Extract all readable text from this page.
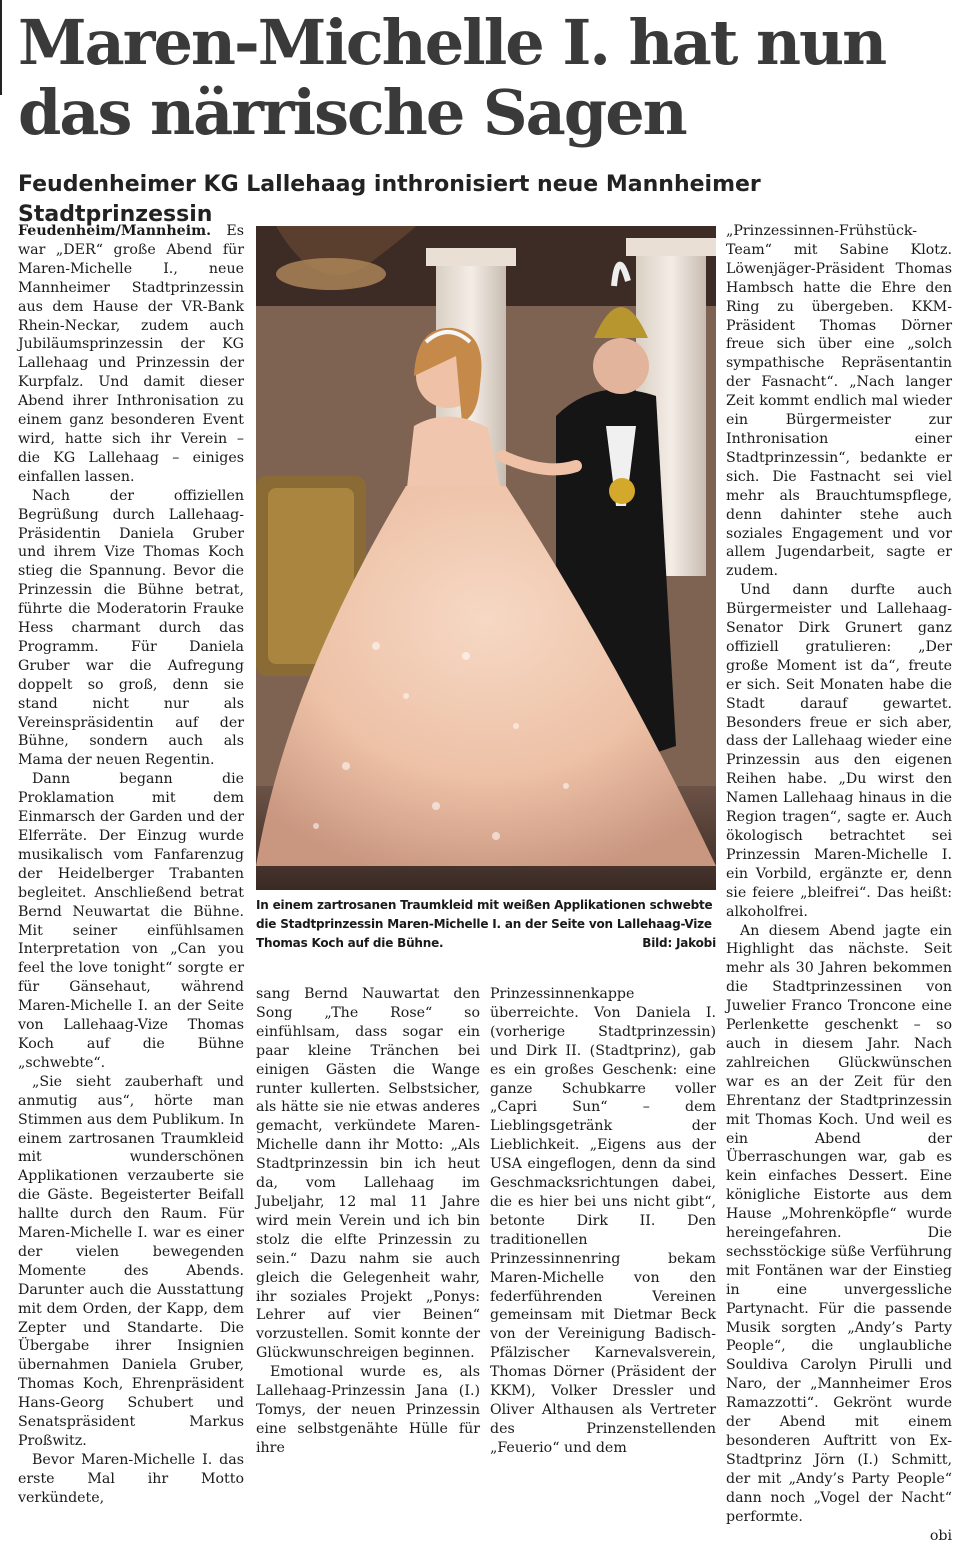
Maren-Michelle I. hat nun das närrische Sagen
Feudenheimer KG Lallehaag inthronisiert neue Mannheimer Stadtprinzessin

Feudenheim/Mannheim. Es war „DER“ große Abend für Maren-Michelle I., neue Mannheimer Stadtprinzessin aus dem Hause der VR-Bank Rhein-Neckar, zudem auch Jubiläumsprinzessin der KG Lallehaag und Prinzessin der Kurpfalz. Und damit dieser Abend ihrer Inthronisation zu einem ganz besonderen Event wird, hatte sich ihr Verein – die KG Lallehaag – einiges einfallen lassen.

Nach der offiziellen Begrüßung durch Lallehaag-Präsidentin Daniela Gruber und ihrem Vize Thomas Koch stieg die Spannung. Bevor die Prinzessin die Bühne betrat, führte die Moderatorin Frauke Hess charmant durch das Programm. Für Daniela Gruber war die Aufregung doppelt so groß, denn sie stand nicht nur als Vereinspräsidentin auf der Bühne, sondern auch als Mama der neuen Regentin.

Dann begann die Proklamation mit dem Einmarsch der Garden und der Elferräte. Der Einzug wurde musikalisch vom Fanfarenzug der Heidelberger Trabanten begleitet. Anschließend betrat Bernd Neuwartat die Bühne. Mit seiner einfühlsamen Interpretation von „Can you feel the love tonight“ sorgte er für Gänsehaut, während Maren-Michelle I. an der Seite von Lallehaag-Vize Thomas Koch auf die Bühne „schwebte“.

„Sie sieht zauberhaft und anmutig aus“, hörte man Stimmen aus dem Publikum. In einem zartrosanen Traumkleid mit wunderschönen Applikationen verzauberte sie die Gäste. Begeisterter Beifall hallte durch den Raum. Für Maren-Michelle I. war es einer der vielen bewegenden Momente des Abends. Darunter auch die Ausstattung mit dem Orden, der Kapp, dem Zepter und Standarte. Die Übergabe ihrer Insignien übernahmen Daniela Gruber, Thomas Koch, Ehrenpräsident Hans-Georg Schubert und Senatspräsident Markus Proßwitz.

Bevor Maren-Michelle I. das erste Mal ihr Motto verkündete,

In einem zartrosanen Traumkleid mit weißen Applikationen schwebte die Stadtprinzessin Maren-Michelle I. an der Seite von Lallehaag-Vize Thomas Koch auf die Bühne.	Bild: Jakobi

sang Bernd Nauwartat den Song „The Rose“ so einfühlsam, dass sogar ein paar kleine Tränchen bei einigen Gästen die Wange runter kullerten. Selbstsicher, als hätte sie nie etwas anderes gemacht, verkündete Maren-Michelle dann ihr Motto: „Als Stadtprinzessin bin ich heut da, vom Lallehaag im Jubeljahr, 12 mal 11 Jahre wird mein Verein und ich bin stolz die elfte Prinzessin zu sein.“ Dazu nahm sie auch gleich die Gelegenheit wahr, ihr soziales Projekt „Ponys: Lehrer auf vier Beinen“ vorzustellen. Somit konnte der Glückwunschreigen beginnen.

Emotional wurde es, als Lallehaag-Prinzessin Jana (I.) Tomys, der neuen Prinzessin eine selbstgenähte Hülle für ihre

Prinzessinnenkappe überreichte. Von Daniela I. (vorherige Stadtprinzessin) und Dirk II. (Stadtprinz), gab es ein großes Geschenk: eine ganze Schubkarre voller „Capri Sun“ – dem Lieblingsgetränk der Lieblichkeit. „Eigens aus der USA eingeflogen, denn da sind Geschmacksrichtungen dabei, die es hier bei uns nicht gibt“, betonte Dirk II. Den traditionellen Prinzessinnenring bekam Maren-Michelle von den federführenden Vereinen gemeinsam mit Dietmar Beck von der Vereinigung Badisch-Pfälzischer Karnevalsverein, Thomas Dörner (Präsident der KKM), Volker Dressler und Oliver Althausen als Vertreter des Prinzenstellenden „Feuerio“ und dem

„Prinzessinnen-Frühstück-Team“ mit Sabine Klotz. Löwenjäger-Präsident Thomas Hambsch hatte die Ehre den Ring zu übergeben. KKM-Präsident Thomas Dörner freue sich über eine „solch sympathische Repräsentantin der Fasnacht“. „Nach langer Zeit kommt endlich mal wieder ein Bürgermeister zur Inthronisation einer Stadtprinzessin“, bedankte er sich. Die Fastnacht sei viel mehr als Brauchtumspflege, denn dahinter stehe auch soziales Engagement und vor allem Jugendarbeit, sagte er zudem.

Und dann durfte auch Bürgermeister und Lallehaag-Senator Dirk Grunert ganz offiziell gratulieren: „Der große Moment ist da“, freute er sich. Seit Monaten habe die Stadt darauf gewartet. Besonders freue er sich aber, dass der Lallehaag wieder eine Prinzessin aus den eigenen Reihen habe. „Du wirst den Namen Lallehaag hinaus in die Region tragen“, sagte er. Auch ökologisch betrachtet sei Prinzessin Maren-Michelle I. ein Vorbild, ergänzte er, denn sie feiere „bleifrei“. Das heißt: alkoholfrei.

An diesem Abend jagte ein Highlight das nächste. Seit mehr als 30 Jahren bekommen die Stadtprinzessinen von Juwelier Franco Troncone eine Perlenkette geschenkt – so auch in diesem Jahr. Nach zahlreichen Glückwünschen war es an der Zeit für den Ehrentanz der Stadtprinzessin mit Thomas Koch. Und weil es ein Abend der Überraschungen war, gab es kein einfaches Dessert. Eine königliche Eistorte aus dem Hause „Mohrenköpfle“ wurde hereingefahren. Die sechsstöckige süße Verführung mit Fontänen war der Einstieg in eine unvergessliche Partynacht. Für die passende Musik sorgten „Andy’s Party People“, die unglaubliche Souldiva Carolyn Pirulli und Naro, der „Mannheimer Eros Ramazzotti“. Gekrönt wurde der Abend mit einem besonderen Auftritt von Ex-Stadtprinz Jörn (I.) Schmitt, der mit „Andy’s Party People“ dann noch „Vogel der Nacht“ performte.

obi
